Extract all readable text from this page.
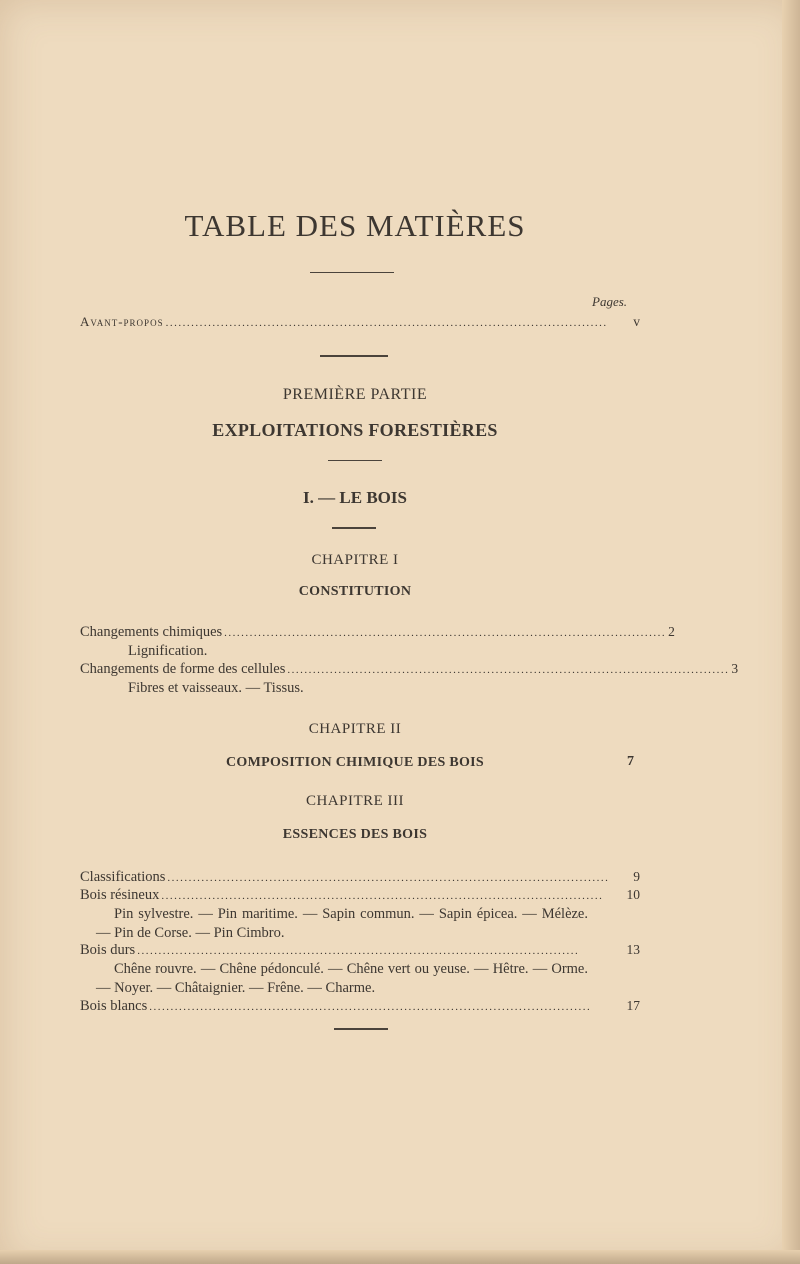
TABLE DES MATIÈRES
Pages.
Avant-propos ........................................................................................................	v
PREMIÈRE PARTIE
EXPLOITATIONS FORESTIÈRES
I. — LE BOIS
CHAPITRE I
CONSTITUTION
Changements chimiques ........................................................................................................ 2
Lignification.
Changements de forme des cellules ........................................................................................................ 3
Fibres et vaisseaux. — Tissus.
CHAPITRE II
COMPOSITION CHIMIQUE DES BOIS	7
CHAPITRE III
ESSENCES DES BOIS
Classifications ........................................................................................................	9
Bois résineux ........................................................................................................	10
Pin sylvestre. — Pin maritime. — Sapin commun. — Sapin épicea. — Mélèze. — Pin de Corse. — Pin Cimbro.
Bois durs ........................................................................................................	13
Chêne rouvre. — Chêne pédonculé. — Chêne vert ou yeuse. — Hêtre. — Orme. — Noyer. — Châtaignier. — Frêne. — Charme.
Bois blancs ........................................................................................................	17
